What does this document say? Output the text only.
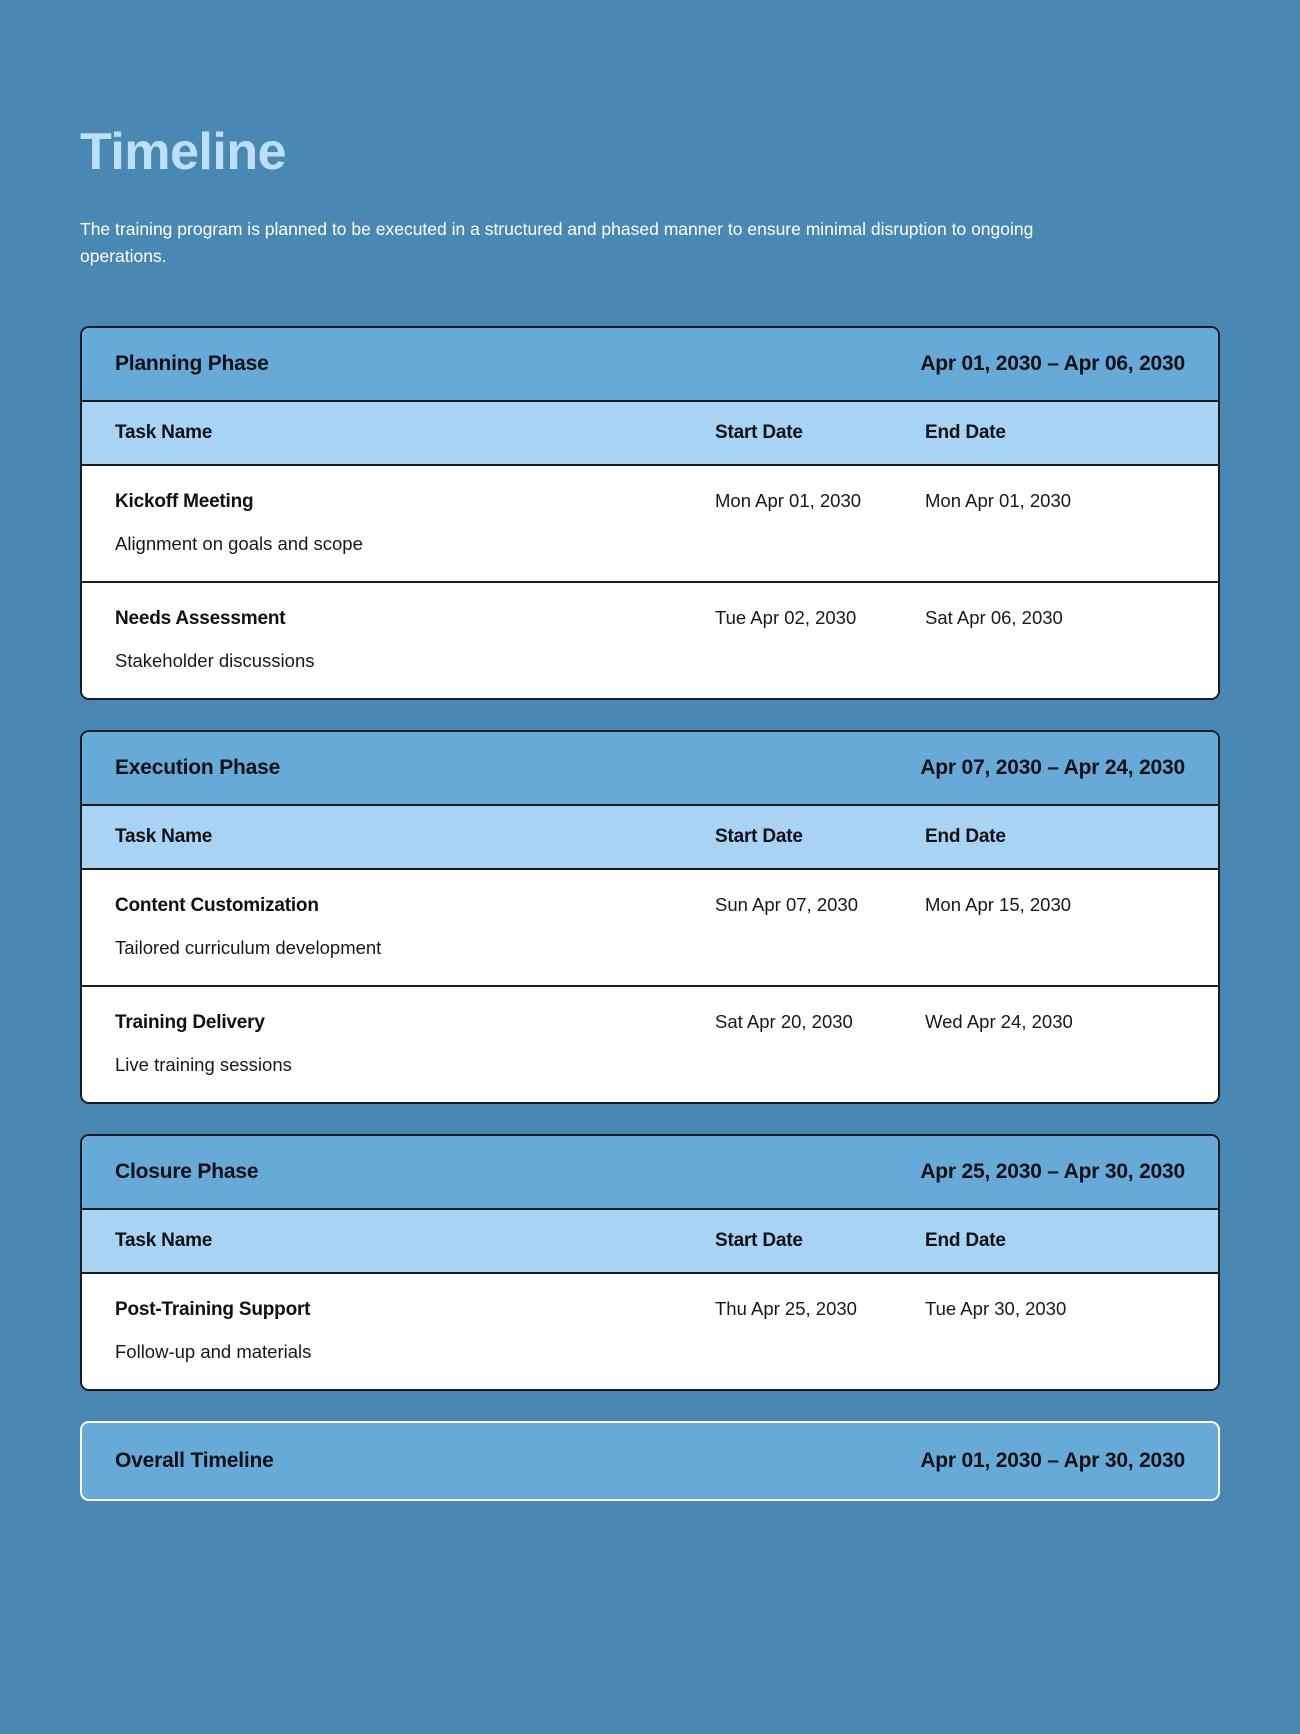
Timeline

The training program is planned to be executed in a structured and phased manner to ensure minimal disruption to ongoing operations.

Planning Phase	Apr 01, 2030 – Apr 06, 2030
Task Name	Start Date	End Date
Kickoff Meeting	Mon Apr 01, 2030	Mon Apr 01, 2030
Alignment on goals and scope
Needs Assessment	Tue Apr 02, 2030	Sat Apr 06, 2030
Stakeholder discussions
Execution Phase	Apr 07, 2030 – Apr 24, 2030
Task Name	Start Date	End Date
Content Customization	Sun Apr 07, 2030	Mon Apr 15, 2030
Tailored curriculum development
Training Delivery	Sat Apr 20, 2030	Wed Apr 24, 2030
Live training sessions
Closure Phase	Apr 25, 2030 – Apr 30, 2030
Task Name	Start Date	End Date
Post-Training Support	Thu Apr 25, 2030	Tue Apr 30, 2030
Follow-up and materials
Overall Timeline	Apr 01, 2030 – Apr 30, 2030
